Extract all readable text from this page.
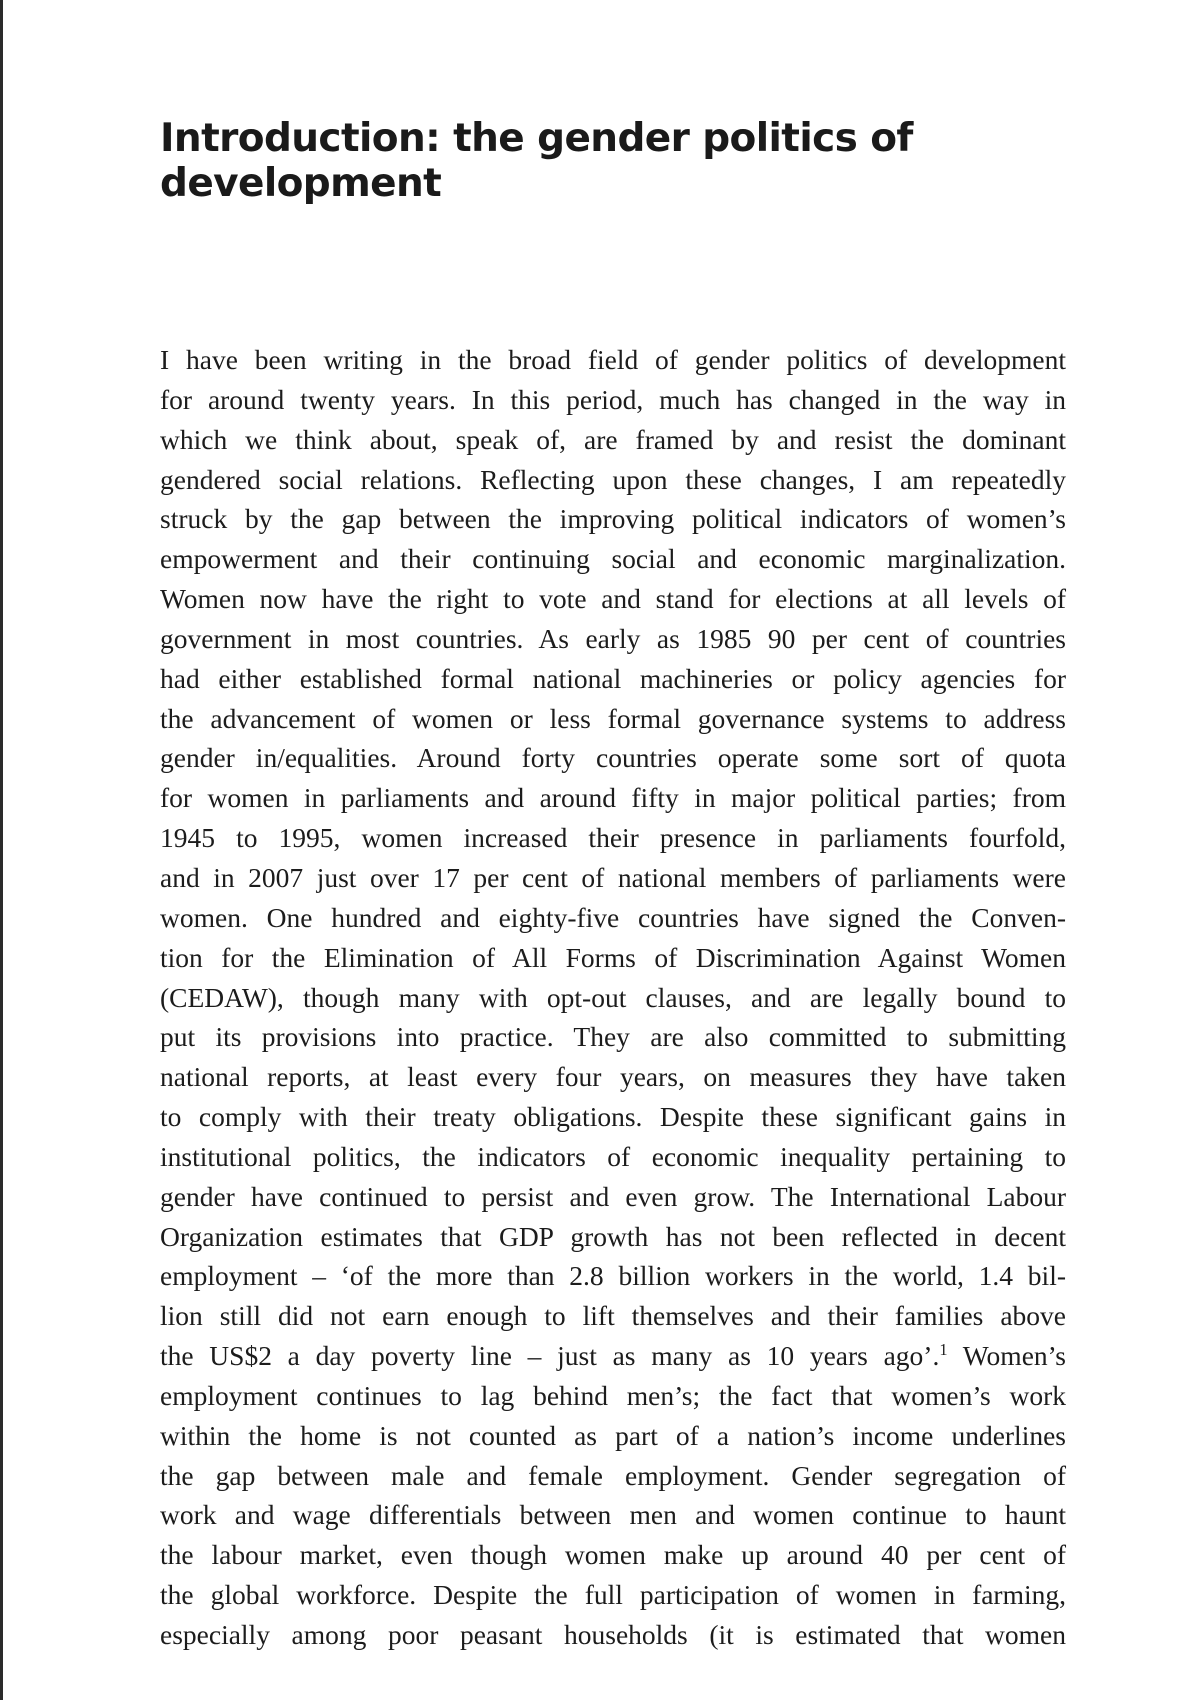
Introduction: the gender politics of
development
I have been writing in the broad field of gender politics of development
for around twenty years. In this period, much has changed in the way in
which we think about, speak of, are framed by and resist the dominant
gendered social relations. Reflecting upon these changes, I am repeatedly
struck by the gap between the improving political indicators of women’s
empowerment and their continuing social and economic marginalization.
Women now have the right to vote and stand for elections at all levels of
government in most countries. As early as 1985 90 per cent of countries
had either established formal national machineries or policy agencies for
the advancement of women or less formal governance systems to address
gender in/equalities. Around forty countries operate some sort of quota
for women in parliaments and around fifty in major political parties; from
1945 to 1995, women increased their presence in parliaments fourfold,
and in 2007 just over 17 per cent of national members of parliaments were
women. One hundred and eighty-five countries have signed the Conven-
tion for the Elimination of All Forms of Discrimination Against Women
(CEDAW), though many with opt-out clauses, and are legally bound to
put its provisions into practice. They are also committed to submitting
national reports, at least every four years, on measures they have taken
to comply with their treaty obligations. Despite these significant gains in
institutional politics, the indicators of economic inequality pertaining to
gender have continued to persist and even grow. The International Labour
Organization estimates that GDP growth has not been reflected in decent
employment – ‘of the more than 2.8 billion workers in the world, 1.4 bil-
lion still did not earn enough to lift themselves and their families above
the US$2 a day poverty line – just as many as 10 years ago’.$^1$ Women’s
employment continues to lag behind men’s; the fact that women’s work
within the home is not counted as part of a nation’s income underlines
the gap between male and female employment. Gender segregation of
work and wage differentials between men and women continue to haunt
the labour market, even though women make up around 40 per cent of
the global workforce. Despite the full participation of women in farming,
especially among poor peasant households (it is estimated that women
